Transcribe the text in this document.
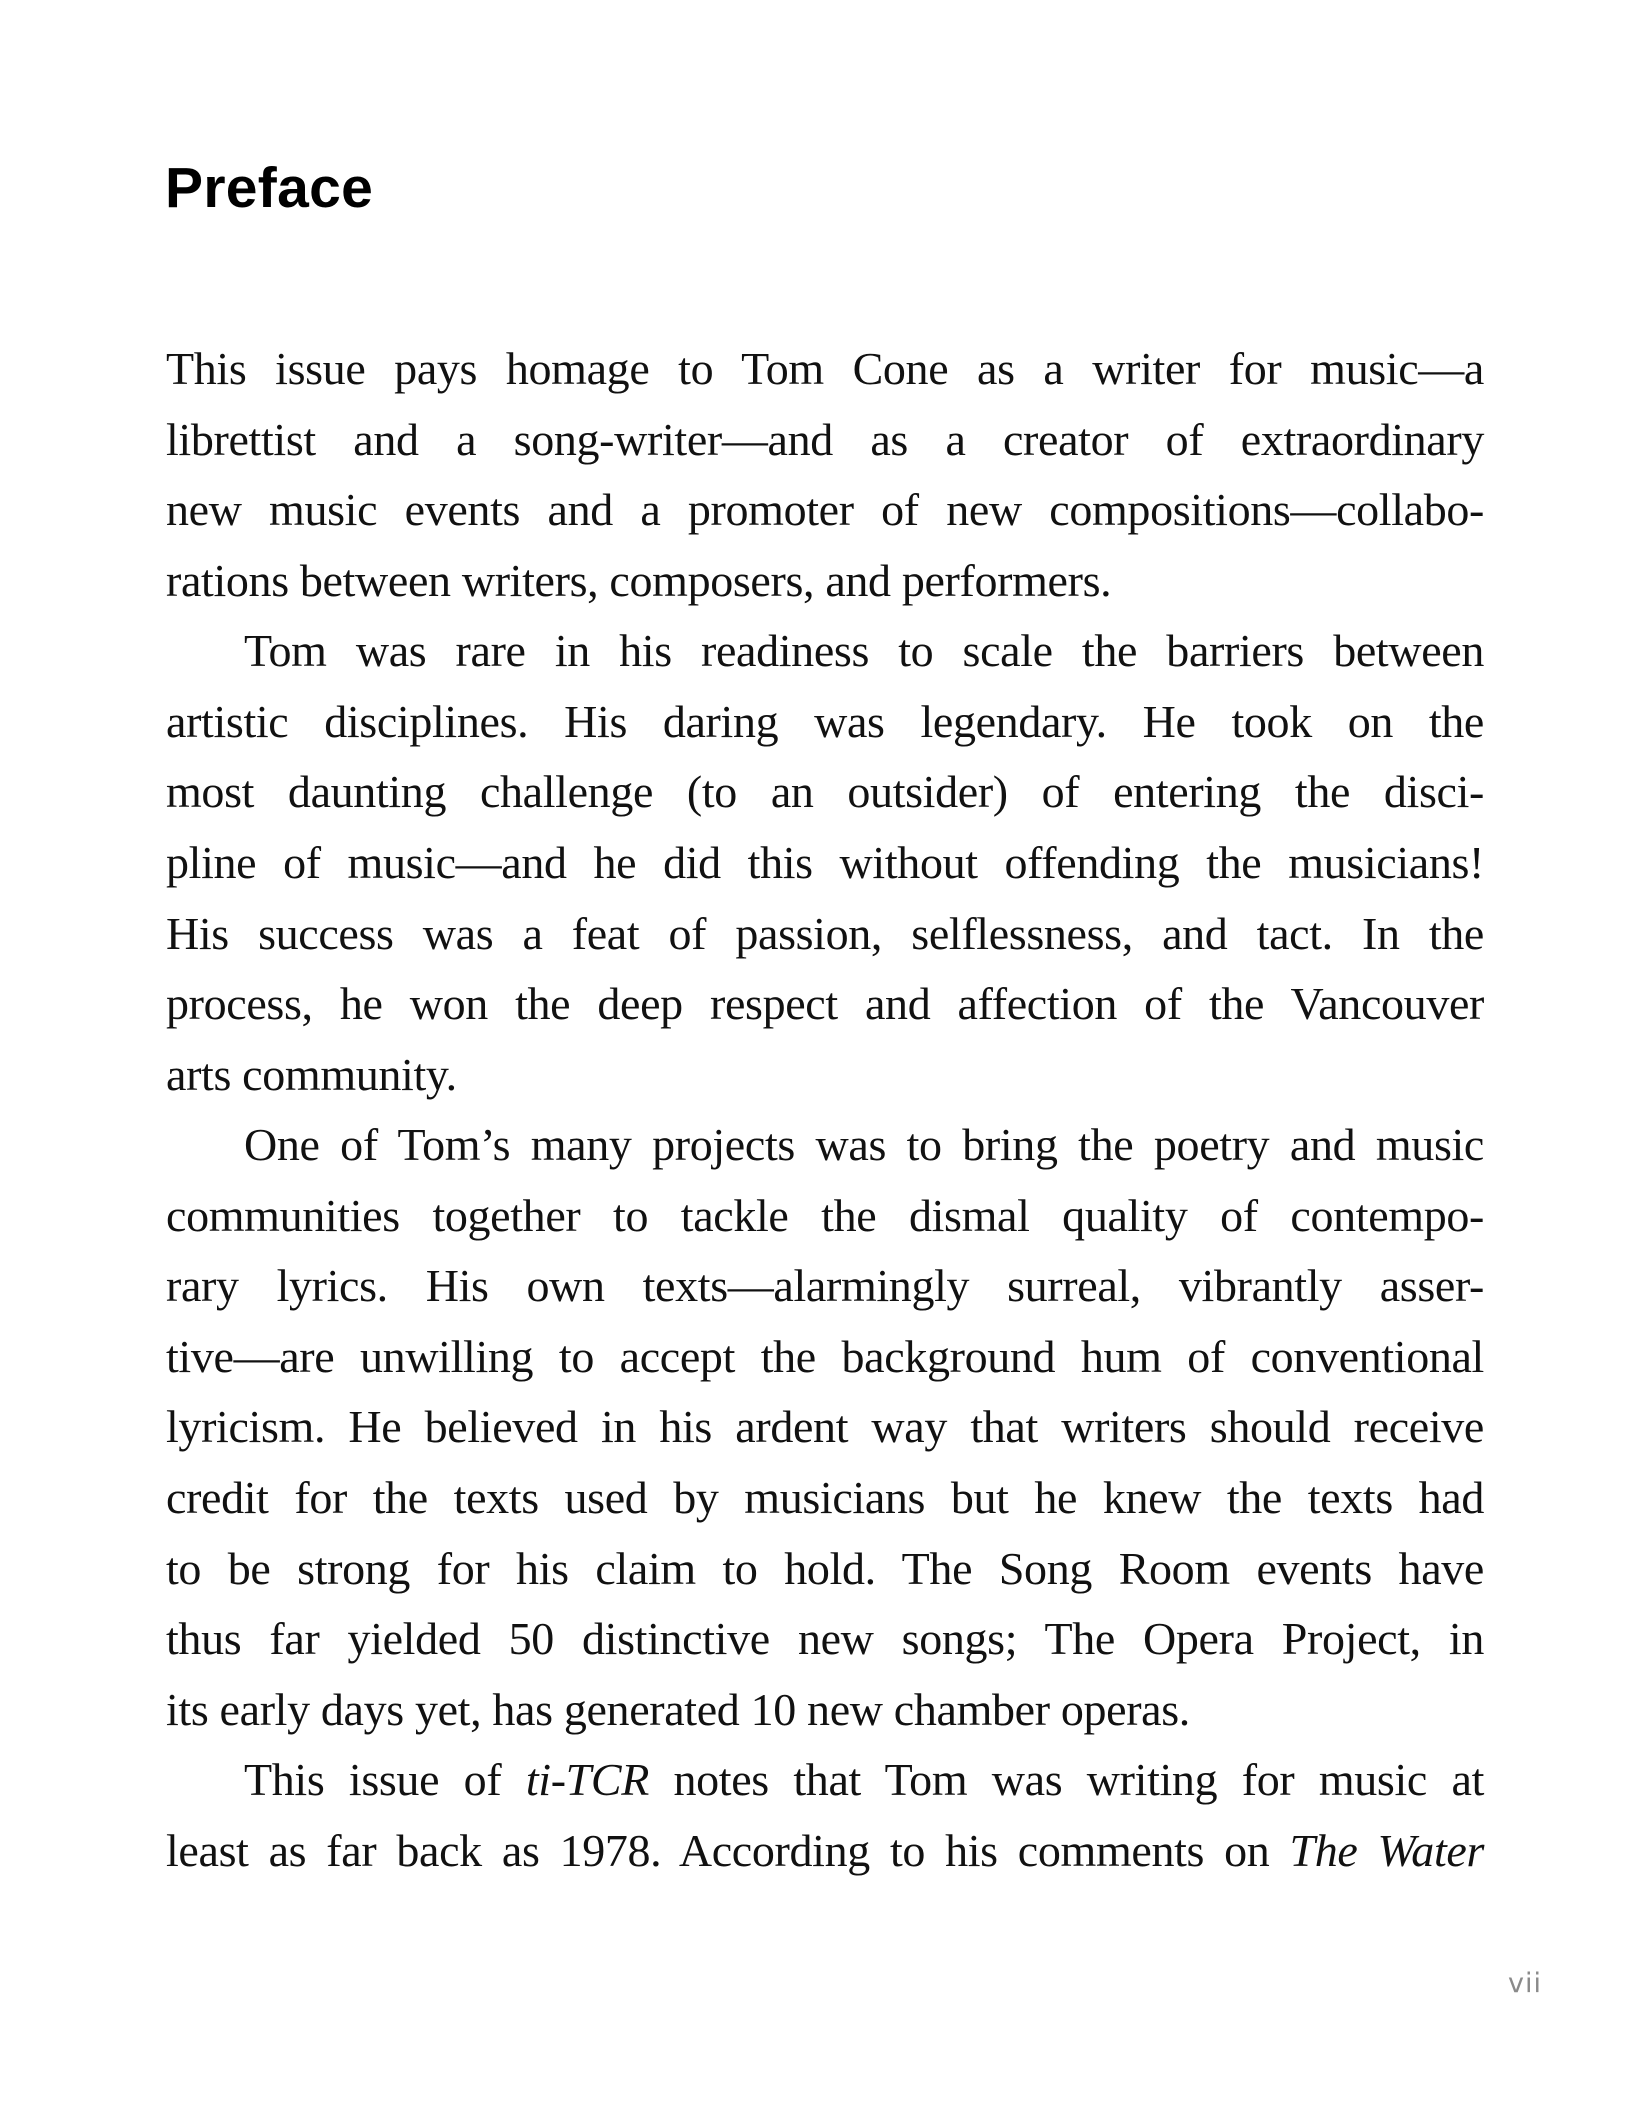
Preface
This issue pays homage to Tom Cone as a writer for music—a
librettist and a song-writer—and as a creator of extraordinary
new music events and a promoter of new compositions—collabo-
rations between writers, composers, and performers.
Tom was rare in his readiness to scale the barriers between
artistic disciplines. His daring was legendary. He took on the
most daunting challenge (to an outsider) of entering the disci-
pline of music—and he did this without offending the musicians!
His success was a feat of passion, selflessness, and tact. In the
process, he won the deep respect and affection of the Vancouver
arts community.
One of Tom’s many projects was to bring the poetry and music
communities together to tackle the dismal quality of contempo-
rary lyrics. His own texts—alarmingly surreal, vibrantly asser-
tive—are unwilling to accept the background hum of conventional
lyricism. He believed in his ardent way that writers should receive
credit for the texts used by musicians but he knew the texts had
to be strong for his claim to hold. The Song Room events have
thus far yielded 50 distinctive new songs; The Opera Project, in
its early days yet, has generated 10 new chamber operas.
This issue of ti-TCR notes that Tom was writing for music at
least as far back as 1978. According to his comments on The Water
vii
